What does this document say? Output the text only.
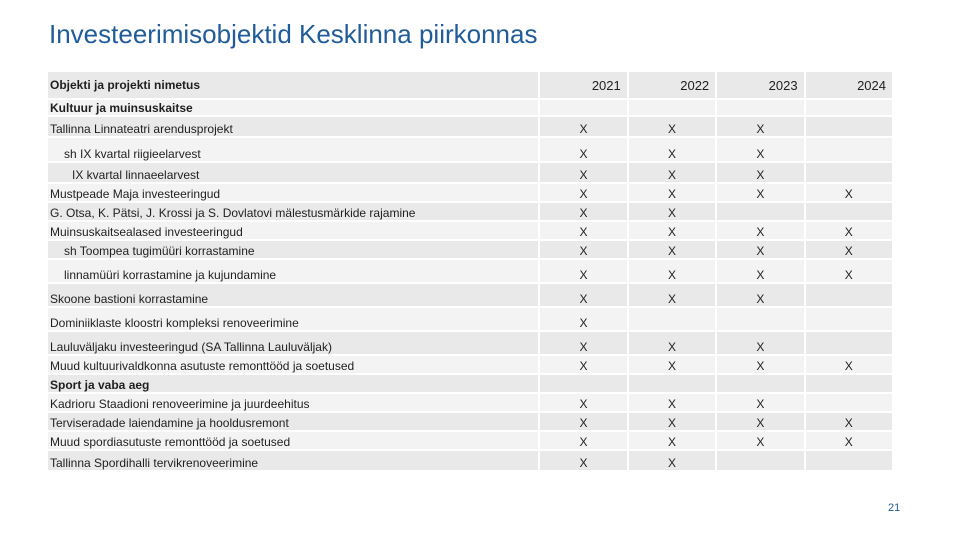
Investeerimisobjektid Kesklinna piirkonnas
Objekti ja projekti nimetus	2021	2022	2023	2024
Kultuur ja muinsuskaitse				
Tallinna Linnateatri arendusprojekt	X	X	X	
sh IX kvartal riigieelarvest	X	X	X	
IX kvartal linnaeelarvest	X	X	X	
Mustpeade Maja investeeringud	X	X	X	X
G. Otsa, K. Pätsi, J. Krossi ja S. Dovlatovi mälestusmärkide rajamine	X	X		
Muinsuskaitsealased investeeringud	X	X	X	X
sh Toompea tugimüüri korrastamine	X	X	X	X
linnamüüri korrastamine ja kujundamine	X	X	X	X
Skoone bastioni korrastamine	X	X	X	
Dominiiklaste kloostri kompleksi renoveerimine	X			
Lauluväljaku investeeringud (SA Tallinna Lauluväljak)	X	X	X	
Muud kultuurivaldkonna asutuste remonttööd ja soetused	X	X	X	X
Sport ja vaba aeg				
Kadrioru Staadioni renoveerimine ja juurdeehitus	X	X	X	
Terviseradade laiendamine ja hooldusremont	X	X	X	X
Muud spordiasutuste remonttööd ja soetused	X	X	X	X
Tallinna Spordihalli tervikrenoveerimine	X	X		
21
